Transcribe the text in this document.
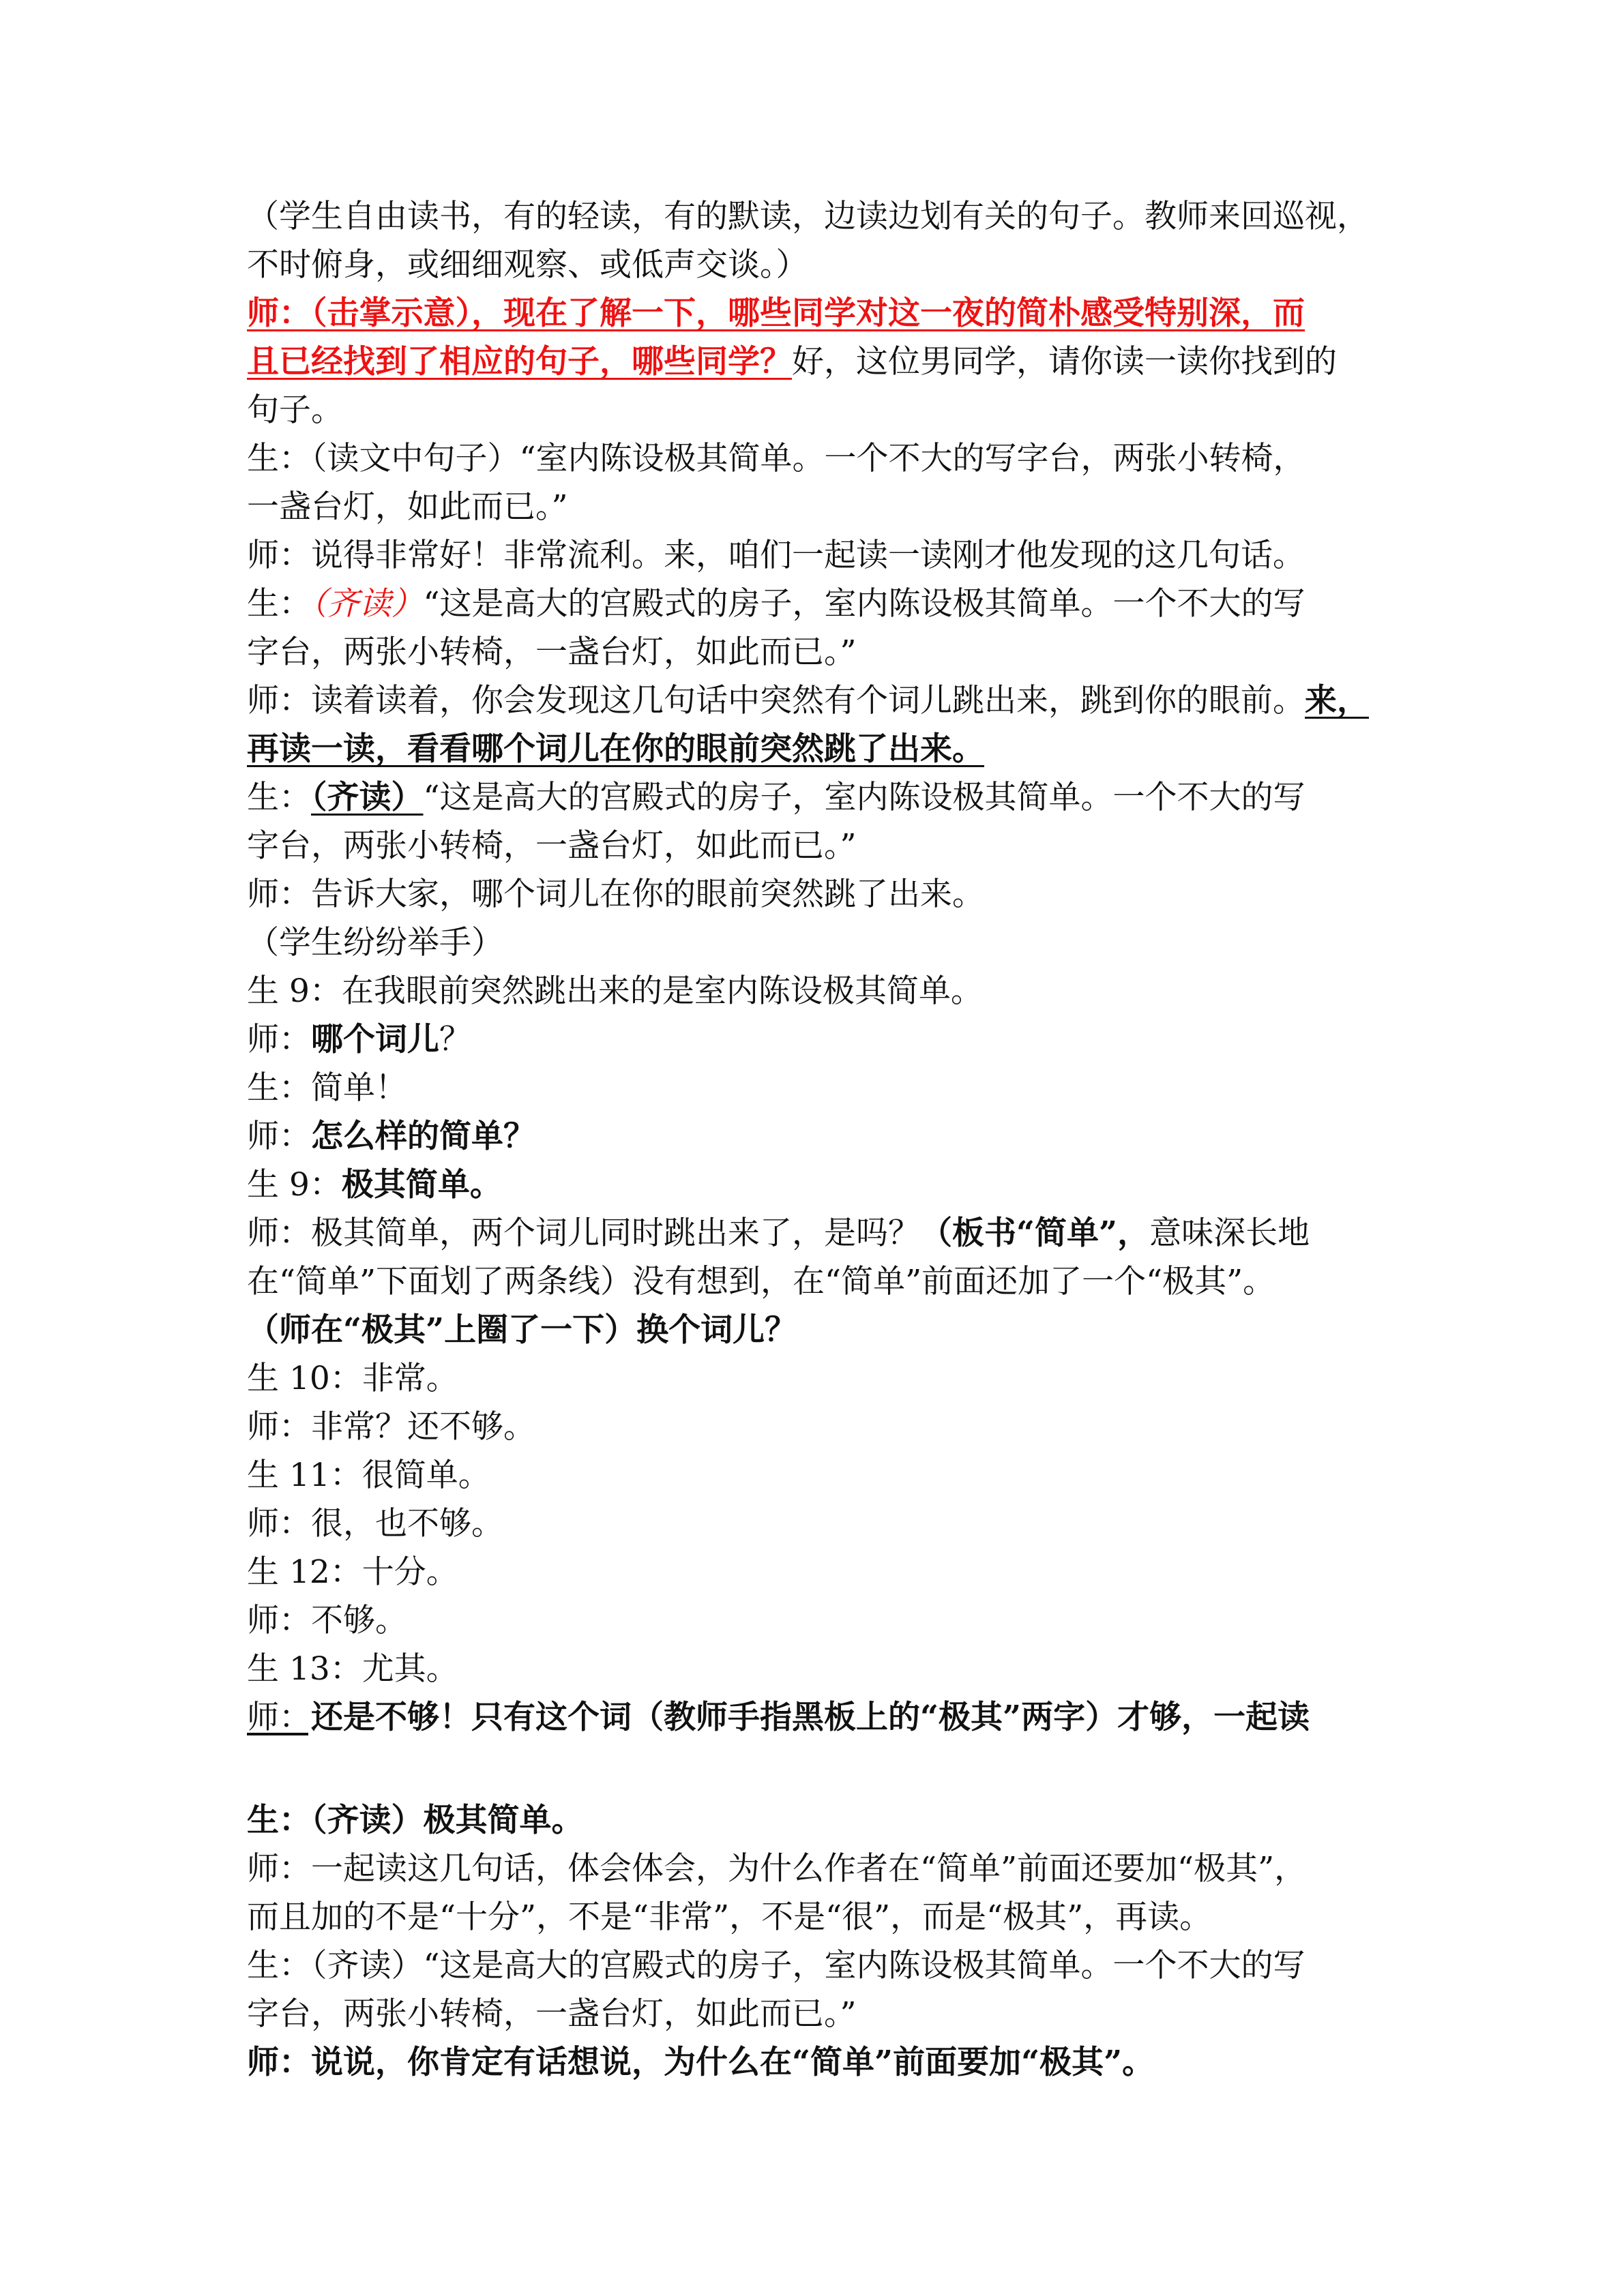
（学生自由读书，有的轻读，有的默读，边读边划有关的句子。教师来回巡视，
不时俯身，或细细观察、或低声交谈。）
师：（击掌示意），现在了解一下，哪些同学对这一夜的简朴感受特别深，而
且已经找到了相应的句子，哪些同学？好，这位男同学，请你读一读你找到的
句子。
生：（读文中句子）“室内陈设极其简单。一个不大的写字台，两张小转椅，
一盏台灯，如此而已。”
师：说得非常好！非常流利。来，咱们一起读一读刚才他发现的这几句话。
生：（齐读）“这是高大的宫殿式的房子，室内陈设极其简单。一个不大的写
字台，两张小转椅，一盏台灯，如此而已。”
师：读着读着，你会发现这几句话中突然有个词儿跳出来，跳到你的眼前。来，
再读一读，看看哪个词儿在你的眼前突然跳了出来。
生：（齐读）“这是高大的宫殿式的房子，室内陈设极其简单。一个不大的写
字台，两张小转椅，一盏台灯，如此而已。”
师：告诉大家，哪个词儿在你的眼前突然跳了出来。
（学生纷纷举手）
生 9：在我眼前突然跳出来的是室内陈设极其简单。
师：哪个词儿？
生：简单！
师：怎么样的简单？
生 9：极其简单。
师：极其简单，两个词儿同时跳出来了，是吗？（板书“简单”，意味深长地
在“简单”下面划了两条线）没有想到，在“简单”前面还加了一个“极其”。
（师在“极其”上圈了一下）换个词儿？
生 10：非常。
师：非常？还不够。
生 11：很简单。
师：很，也不够。
生 12：十分。
师：不够。
生 13：尤其。
师：还是不够！只有这个词（教师手指黑板上的“极其”两字）才够，一起读
生：（齐读）极其简单。
师：一起读这几句话，体会体会，为什么作者在“简单”前面还要加“极其”，
而且加的不是“十分”，不是“非常”，不是“很”，而是“极其”，再读。
生：（齐读）“这是高大的宫殿式的房子，室内陈设极其简单。一个不大的写
字台，两张小转椅，一盏台灯，如此而已。”
师：说说，你肯定有话想说，为什么在“简单”前面要加“极其”。
